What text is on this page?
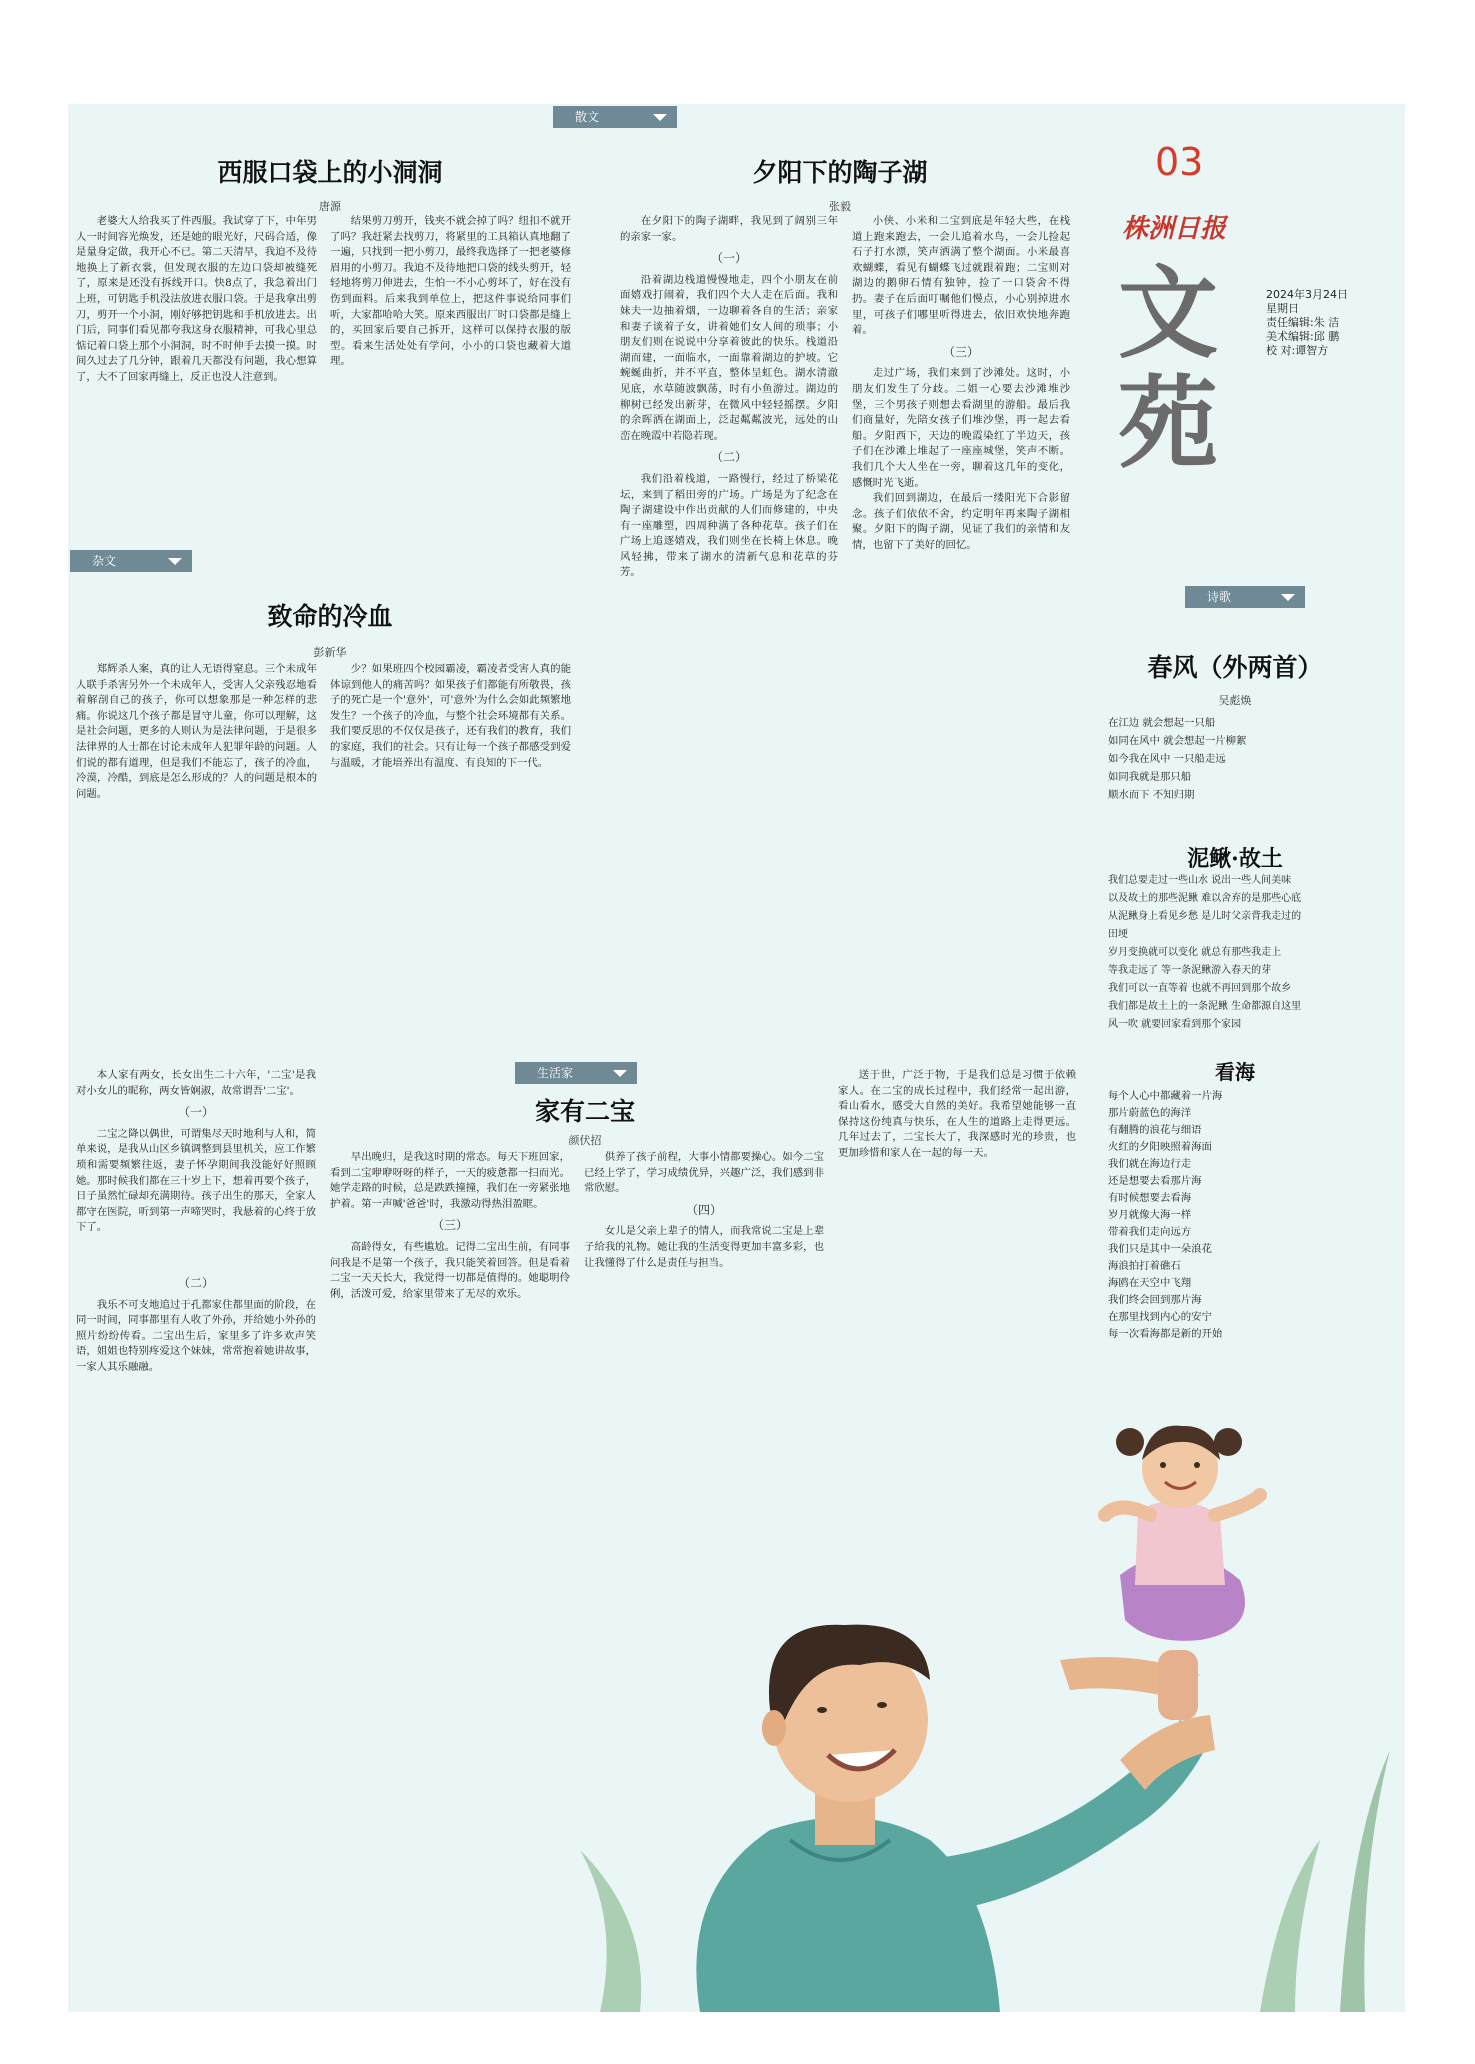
散文
西服口袋上的小洞洞
唐源

老婆大人给我买了件西服。我试穿了下，中年男人一时间容光焕发，还是她的眼光好，尺码合适，像是量身定做，我开心不已。第二天清早，我迫不及待地换上了新衣裳，但发现衣服的左边口袋却被缝死了，原来是还没有拆线开口。快8点了，我急着出门上班，可钥匙手机没法放进衣服口袋。于是我拿出剪刀，剪开一个小洞，刚好够把钥匙和手机放进去。出门后，同事们看见都夸我这身衣服精神，可我心里总惦记着口袋上那个小洞洞，时不时伸手去摸一摸。时间久过去了几分钟，跟着几天都没有问题，我心想算了，大不了回家再缝上，反正也没人注意到。

结果剪刀剪开，钱夹不就会掉了吗？纽扣不就开了吗？我赶紧去找剪刀，将紧里的工具箱认真地翻了一遍，只找到一把小剪刀，最终我选择了一把老婆修眉用的小剪刀。我迫不及待地把口袋的线头剪开，轻轻地将剪刀伸进去，生怕一不小心剪坏了，好在没有伤到面料。后来我到单位上，把这件事说给同事们听，大家都哈哈大笑。原来西服出厂时口袋都是缝上的，买回家后要自己拆开，这样可以保持衣服的版型。看来生活处处有学问，小小的口袋也藏着大道理。

杂文
致命的冷血
彭新华

郑辉杀人案，真的让人无语得窒息。三个未成年人联手杀害另外一个未成年人，受害人父亲残忍地看着解剖自己的孩子，你可以想象那是一种怎样的悲痛。你说这几个孩子都是冒守儿童，你可以理解，这是社会问题，更多的人则认为是法律问题，于是很多法律界的人士都在讨论未成年人犯罪年龄的问题。人们说的都有道理，但是我们不能忘了，孩子的冷血，冷漠，冷酷，到底是怎么形成的？人的问题是根本的问题。

少？如果班四个校园霸凌，霸凌者受害人真的能体谅到他人的痛苦吗？如果孩子们都能有所敬畏，孩子的死亡是一个'意外'，可'意外'为什么会如此频繁地发生？一个孩子的冷血，与整个社会环境都有关系。我们要反思的不仅仅是孩子，还有我们的教育，我们的家庭，我们的社会。只有让每一个孩子都感受到爱与温暖，才能培养出有温度、有良知的下一代。

夕阳下的陶子湖
张毅

在夕阳下的陶子湖畔，我见到了阔别三年的亲家一家。

（一）

沿着湖边栈道慢慢地走，四个小朋友在前面嬉戏打闹着，我们四个大人走在后面。我和妹夫一边抽着烟，一边聊着各自的生活；亲家和妻子谈着子女，讲着她们女人间的琐事；小朋友们则在说说中分享着彼此的快乐。栈道沿湖而建，一面临水，一面靠着湖边的护坡。它蜿蜒曲折，并不平直，整体呈虹色。湖水清澈见底，水草随波飘荡，时有小鱼游过。湖边的柳树已经发出新芽，在微风中轻轻摇摆。夕阳的余晖洒在湖面上，泛起粼粼波光，远处的山峦在晚霞中若隐若现。

（二）

我们沿着栈道，一路慢行，经过了桥梁花坛，来到了稻田旁的广场。广场是为了纪念在陶子湖建设中作出贡献的人们而修建的，中央有一座雕塑，四周种满了各种花草。孩子们在广场上追逐嬉戏，我们则坐在长椅上休息。晚风轻拂，带来了湖水的清新气息和花草的芬芳。

小侠、小米和二宝到底是年轻大些，在栈道上跑来跑去，一会儿追着水鸟，一会儿捡起石子打水漂，笑声洒满了整个湖面。小米最喜欢蝴蝶，看见有蝴蝶飞过就跟着跑；二宝则对湖边的鹅卵石情有独钟，捡了一口袋舍不得扔。妻子在后面叮嘱他们慢点，小心别掉进水里，可孩子们哪里听得进去，依旧欢快地奔跑着。

（三）

走过广场，我们来到了沙滩处。这时，小朋友们发生了分歧。二姐一心要去沙滩堆沙堡，三个男孩子则想去看湖里的游船。最后我们商量好，先陪女孩子们堆沙堡，再一起去看船。夕阳西下，天边的晚霞染红了半边天，孩子们在沙滩上堆起了一座座城堡，笑声不断。我们几个大人坐在一旁，聊着这几年的变化，感慨时光飞逝。

我们回到湖边，在最后一缕阳光下合影留念。孩子们依依不舍，约定明年再来陶子湖相聚。夕阳下的陶子湖，见证了我们的亲情和友情，也留下了美好的回忆。

03
株洲日报
文苑
2024年3月24日
星期日
责任编辑:朱 洁
美术编辑:邱 鹏
校 对:谭智方
诗歌
春风（外两首）
吴彪焕
在江边 就会想起一只船
如同在风中 就会想起一片柳絮
如今我在风中 一只船走远
如同我就是那只船
顺水而下 不知归期
泥鳅·故土
我们总要走过一些山水 说出一些人间美味
以及故土的那些泥鳅 难以舍弃的是那些心底
从泥鳅身上看见乡愁 是儿时父亲背我走过的
田埂
岁月变换就可以变化 就总有那些我走上
等我走远了 等一条泥鳅游入春天的芽
我们可以一直等着 也就不再回到那个故乡
我们都是故土上的一条泥鳅 生命都源自这里
风一吹 就要回家看到那个家园
看海
每个人心中都藏着一片海
那片蔚蓝色的海洋
有翻腾的浪花与细语
火红的夕阳映照着海面
我们就在海边行走
还是想要去看那片海
有时候想要去看海
岁月就像大海一样
带着我们走向远方
我们只是其中一朵浪花
海浪拍打着礁石
海鸥在天空中飞翔
我们终会回到那片海
在那里找到内心的安宁
每一次看海都是新的开始
生活家
家有二宝
颜伏招

本人家有两女，长女出生二十六年，'二宝'是我对小女儿的昵称，两女皆娴淑，故常谓吾'二宝'。

（一）

二宝之降以偶世，可谓集尽天时地利与人和，简单来说，是我从山区乡镇调整到县里机关，应工作繁琐和需要频繁往返，妻子怀孕期间我没能好好照顾她。那时候我们都在三十岁上下，想着再要个孩子，日子虽然忙碌却充满期待。孩子出生的那天，全家人都守在医院，听到第一声啼哭时，我悬着的心终于放下了。

（二）

我乐不可支地追过于孔都家住都里面的阶段，在同一时间，同事都里有人收了外孙，并给她小外孙的照片纷纷传看。二宝出生后，家里多了许多欢声笑语，姐姐也特别疼爱这个妹妹，常常抱着她讲故事，一家人其乐融融。

早出晚归，是我这时期的常态。每天下班回家，看到二宝咿咿呀呀的样子，一天的疲惫都一扫而光。她学走路的时候，总是跌跌撞撞，我们在一旁紧张地护着。第一声喊'爸爸'时，我激动得热泪盈眶。

（三）

高龄得女，有些尴尬。记得二宝出生前，有同事问我是不是第一个孩子，我只能笑着回答。但是看着二宝一天天长大，我觉得一切都是值得的。她聪明伶俐，活泼可爱，给家里带来了无尽的欢乐。

供养了孩子前程，大事小情都要操心。如今二宝已经上学了，学习成绩优异，兴趣广泛，我们感到非常欣慰。

（四）

女儿是父亲上辈子的情人，而我常说二宝是上辈子给我的礼物。她让我的生活变得更加丰富多彩，也让我懂得了什么是责任与担当。

送于世，广泛于物，于是我们总是习惯于依赖家人。在二宝的成长过程中，我们经常一起出游，看山看水，感受大自然的美好。我希望她能够一直保持这份纯真与快乐，在人生的道路上走得更远。几年过去了，二宝长大了，我深感时光的珍贵，也更加珍惜和家人在一起的每一天。
